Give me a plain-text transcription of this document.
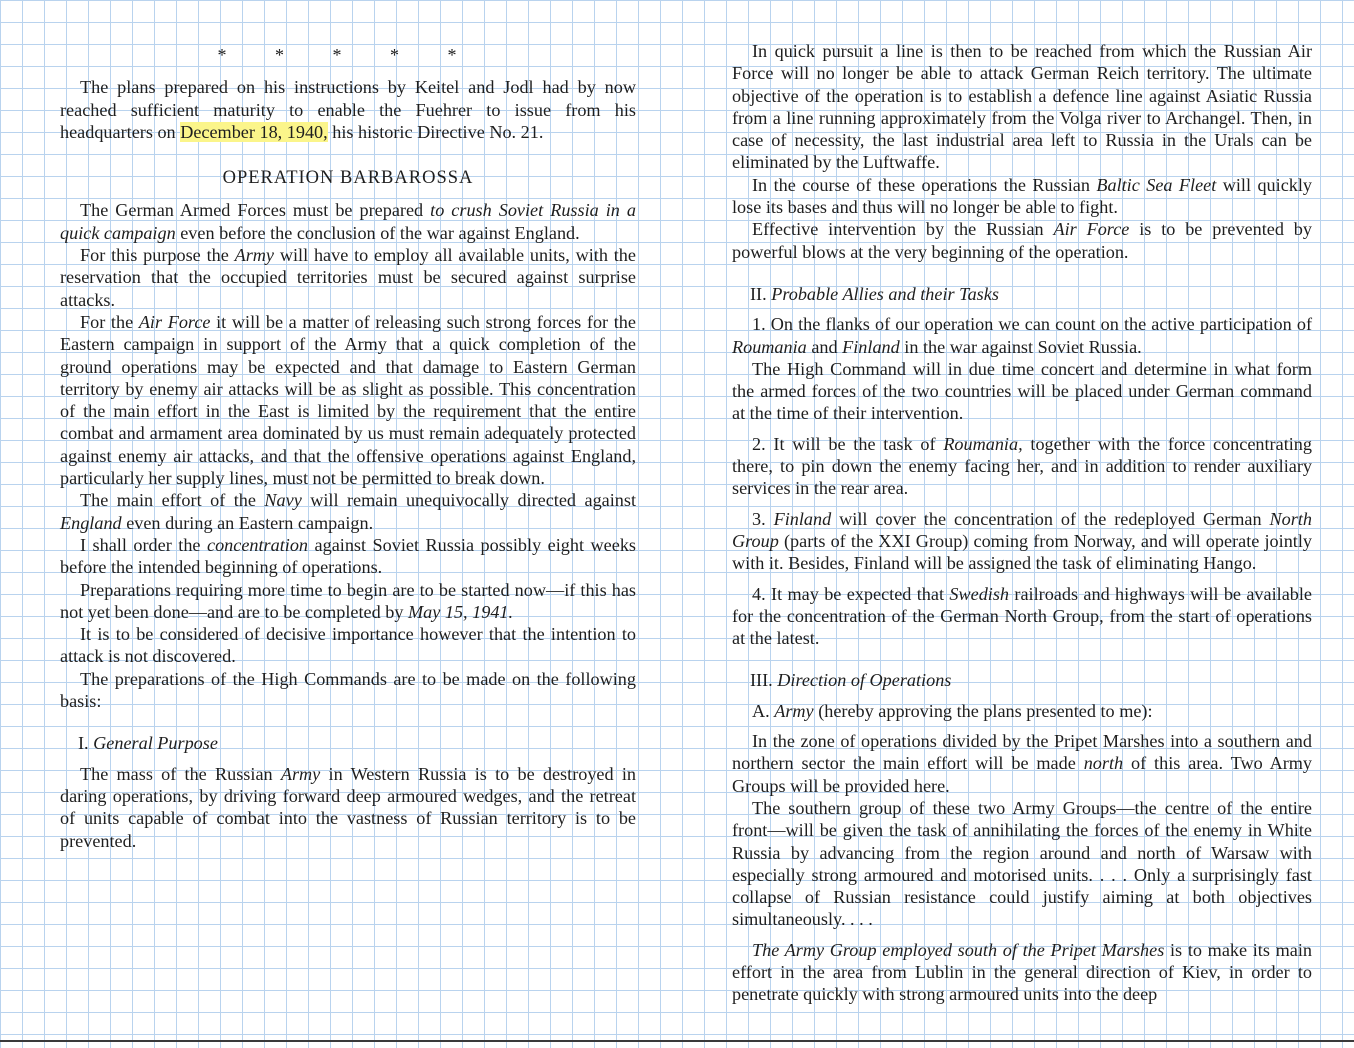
* * * * *

The plans prepared on his instructions by Keitel and Jodl had by now reached sufficient maturity to enable the Fuehrer to issue from his headquarters on December 18, 1940, his historic Directive No. 21.

OPERATION BARBAROSSA

The German Armed Forces must be prepared to crush Soviet Russia in a quick campaign even before the conclusion of the war against England.

For this purpose the Army will have to employ all available units, with the reservation that the occupied territories must be secured against surprise attacks.

For the Air Force it will be a matter of releasing such strong forces for the Eastern campaign in support of the Army that a quick completion of the ground operations may be expected and that damage to Eastern German territory by enemy air attacks will be as slight as possible. This concentration of the main effort in the East is limited by the requirement that the entire combat and armament area dominated by us must remain adequately protected against enemy air attacks, and that the offensive operations against England, particularly her supply lines, must not be permitted to break down.

The main effort of the Navy will remain unequivocally directed against England even during an Eastern campaign.

I shall order the concentration against Soviet Russia possibly eight weeks before the intended beginning of operations.

Preparations requiring more time to begin are to be started now—if this has not yet been done—and are to be completed by May 15, 1941.

It is to be considered of decisive importance however that the intention to attack is not discovered.

The preparations of the High Commands are to be made on the following basis:

I. General Purpose

The mass of the Russian Army in Western Russia is to be destroyed in daring operations, by driving forward deep armoured wedges, and the retreat of units capable of combat into the vastness of Russian territory is to be prevented.

In quick pursuit a line is then to be reached from which the Russian Air Force will no longer be able to attack German Reich territory. The ultimate objective of the operation is to establish a defence line against Asiatic Russia from a line running approximately from the Volga river to Archangel. Then, in case of necessity, the last industrial area left to Russia in the Urals can be eliminated by the Luftwaffe.

In the course of these operations the Russian Baltic Sea Fleet will quickly lose its bases and thus will no longer be able to fight.

Effective intervention by the Russian Air Force is to be prevented by powerful blows at the very beginning of the operation.

II. Probable Allies and their Tasks

1. On the flanks of our operation we can count on the active participation of Roumania and Finland in the war against Soviet Russia.

The High Command will in due time concert and determine in what form the armed forces of the two countries will be placed under German command at the time of their intervention.

2. It will be the task of Roumania, together with the force concentrating there, to pin down the enemy facing her, and in addition to render auxiliary services in the rear area.

3. Finland will cover the concentration of the redeployed German North Group (parts of the XXI Group) coming from Norway, and will operate jointly with it. Besides, Finland will be assigned the task of eliminating Hango.

4. It may be expected that Swedish railroads and highways will be available for the concentration of the German North Group, from the start of operations at the latest.

III. Direction of Operations

A. Army (hereby approving the plans presented to me):

In the zone of operations divided by the Pripet Marshes into a southern and northern sector the main effort will be made north of this area. Two Army Groups will be provided here.

The southern group of these two Army Groups—the centre of the entire front—will be given the task of annihilating the forces of the enemy in White Russia by advancing from the region around and north of Warsaw with especially strong armoured and motorised units. . . . Only a surprisingly fast collapse of Russian resistance could justify aiming at both objectives simultaneously. . . .

The Army Group employed south of the Pripet Marshes is to make its main effort in the area from Lublin in the general direction of Kiev, in order to penetrate quickly with strong armoured units into the deep
